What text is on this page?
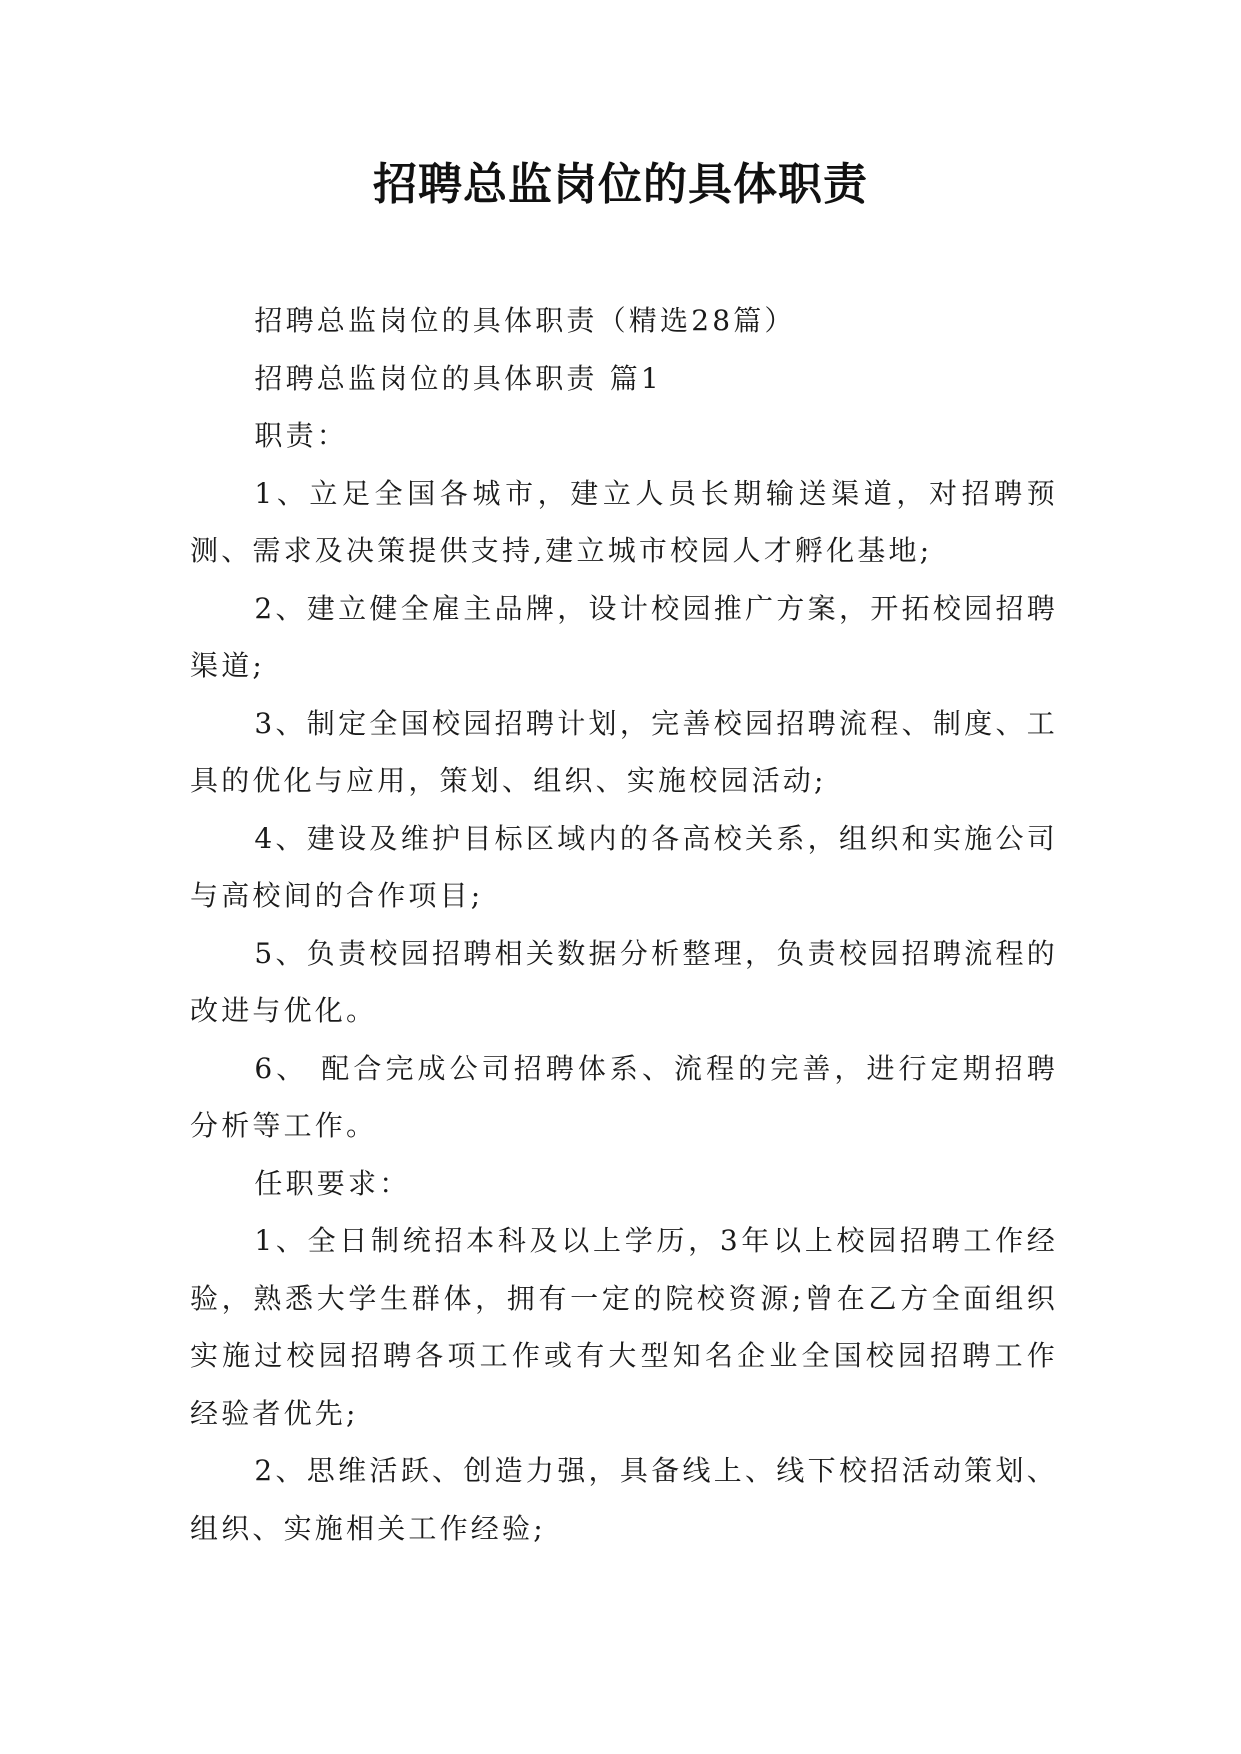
招聘总监岗位的具体职责

招聘总监岗位的具体职责（精选28篇）

招聘总监岗位的具体职责 篇1

职责：

1、立足全国各城市，建立人员长期输送渠道，对招聘预测、需求及决策提供支持,建立城市校园人才孵化基地;

2、建立健全雇主品牌，设计校园推广方案，开拓校园招聘渠道;

3、制定全国校园招聘计划，完善校园招聘流程、制度、工具的优化与应用，策划、组织、实施校园活动;

4、建设及维护目标区域内的各高校关系，组织和实施公司与高校间的合作项目;

5、负责校园招聘相关数据分析整理，负责校园招聘流程的改进与优化。

6、 配合完成公司招聘体系、流程的完善，进行定期招聘分析等工作。

任职要求：

1、全日制统招本科及以上学历，3年以上校园招聘工作经验，熟悉大学生群体，拥有一定的院校资源;曾在乙方全面组织实施过校园招聘各项工作或有大型知名企业全国校园招聘工作经验者优先;

2、思维活跃、创造力强，具备线上、线下校招活动策划、组织、实施相关工作经验;
